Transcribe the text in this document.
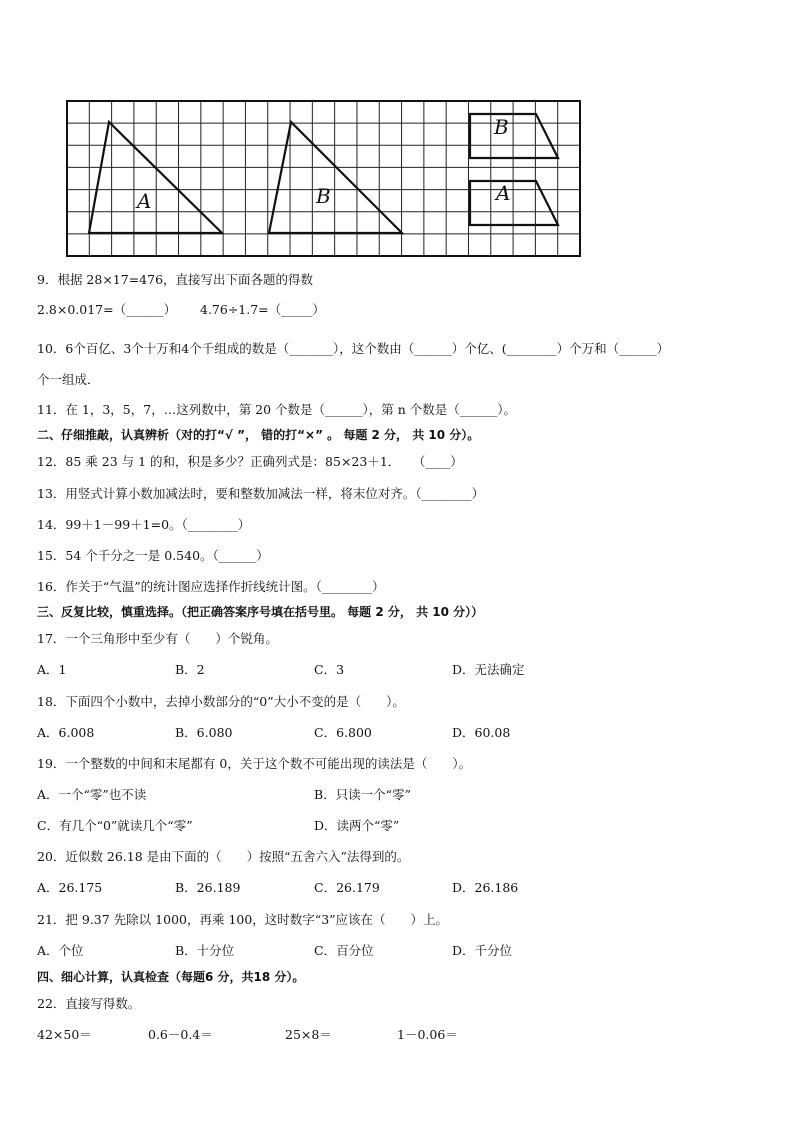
A	B
B
A
9．根据 28×17=476，直接写出下面各题的得数
2.8×0.017=（______） 4.76÷1.7=（_____）
10．6个百亿、3个十万和4个千组成的数是（_______），这个数由（______）个亿、(________）个万和（______）
个一组成．
11．在 1，3，5，7，…这列数中，第 20 个数是（______），第 n 个数是（______）。
二、仔细推敲，认真辨析（对的打“√ ”， 错的打“×” 。 每题 2 分， 共 10 分）。
12．85 乘 23 与 1 的和，积是多少？正确列式是：85×23＋1．　　（____）
13．用竖式计算小数加减法时，要和整数加减法一样，将末位对齐。（________）
14．99＋1－99＋1=0。（________）
15．54 个千分之一是 0.540。（______）
16．作关于“气温”的统计图应选择作折线统计图。（________）
三、反复比较，慎重选择。（把正确答案序号填在括号里。 每题 2 分， 共 10 分））
17．一个三角形中至少有（　　）个锐角。
A．1	B．2	C．3	D．无法确定
18．下面四个小数中，去掉小数部分的“0”大小不变的是（　　）。
A．6.008	B．6.080	C．6.800	D．60.08
19．一个整数的中间和末尾都有 0，关于这个数不可能出现的读法是（　　）。
A．一个“零”也不读	B．只读一个“零”
C．有几个“0”就读几个“零”	D．读两个“零”
20．近似数 26.18 是由下面的（　　）按照“五舍六入”法得到的。
A．26.175	B．26.189	C．26.179	D．26.186
21．把 9.37 先除以 1000，再乘 100，这时数字“3”应该在（　　）上。
A．个位	B．十分位	C．百分位	D．千分位
四、细心计算，认真检查（每题6 分，共18 分）。
22．直接写得数。
42×50＝	0.6－0.4＝	25×8＝	1－0.06＝
